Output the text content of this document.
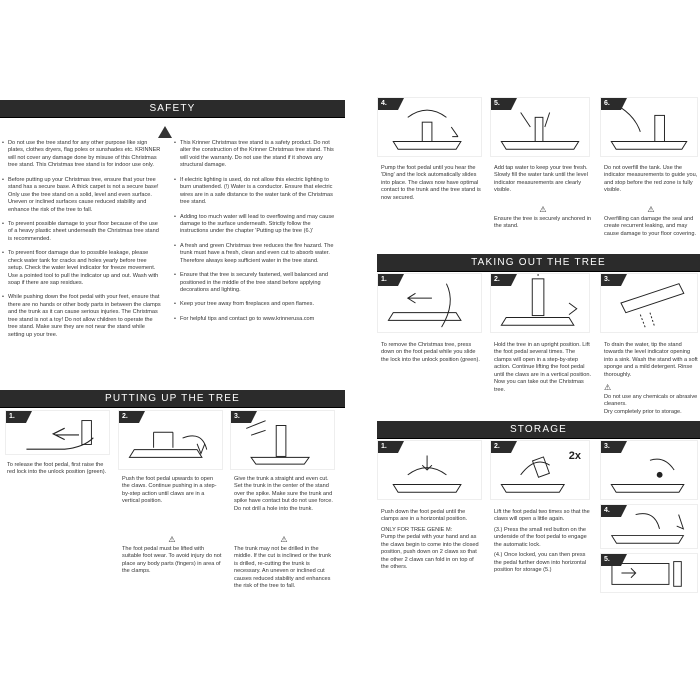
SAFETY

• Do not use the tree stand for any other purpose like sign plates, clothes dryers, flag poles or sunshades etc. KRINNER will not cover any damage done by misuse of this Christmas tree stand. This Christmas tree stand is for indoor use only.

• Before putting up your Christmas tree, ensure that your tree stand has a secure base. A thick carpet is not a secure base! Only use the tree stand on a solid, level and even surface. Uneven or inclined surfaces cause reduced stability and enhance the risk of the tree to fall.

• To prevent possible damage to your floor because of the use of a heavy plastic sheet underneath the Christmas tree stand is recommended.

• To prevent floor damage due to possible leakage, please check water tank for cracks and holes yearly before tree setup. Check the water level indicator for freeze movement. Use a pointed tool to pull the indicator up and out. Wash with soap if there are sap residues.

• While pushing down the foot pedal with your feet, ensure that there are no hands or other body parts in between the clamps and the trunk as it can cause serious injuries. The Christmas tree stand is not a toy! Do not allow children to operate the tree stand. Make sure they are not near the stand while setting up your tree.

• This Krinner Christmas tree stand is a safety product. Do not alter the construction of the Krinner Christmas tree stand. This will void the warranty. Do not use the stand if it shows any structural damage.

• If electric lighting is used, do not allow this electric lighting to burn unattended. (!) Water is a conductor. Ensure that electric wires are in a safe distance to the water tank of the Christmas tree stand.

• Adding too much water will lead to overflowing and may cause damage to the surface underneath. Strictly follow the instructions under the chapter 'Putting up the tree (6.)'

• A fresh and green Christmas tree reduces the fire hazard. The trunk must have a fresh, clean and even cut to absorb water. Therefore always keep sufficient water in the tree stand.

• Ensure that the tree is securely fastened, well balanced and positioned in the middle of the tree stand before applying decorations and lighting.

• Keep your tree away from fireplaces and open flames.

• For helpful tips and contact go to www.krinnerusa.com

PUTTING UP THE TREE
1.
To release the foot pedal, first raise the red lock into the unlock position (green).
2.
Push the foot pedal upwards to open the claws. Continue pushing in a step-by-step action until claws are in a vertical position.
⚠
The foot pedal must be lifted with suitable foot wear. To avoid injury do not place any body parts (fingers) in area of the clamps.
3.
Give the trunk a straight and even cut. Set the trunk in the center of the stand over the spike. Make sure the trunk and spike have contact but do not use force. Do not drill a hole into the trunk.
⚠
The trunk may not be drilled in the middle. If the cut is inclined or the trunk is drilled, re-cutting the trunk is necessary. An uneven or inclined cut causes reduced stability and enhances the risk of the tree to fall.
4.
Pump the foot pedal until you hear the 'Ding' and the lock automatically slides into place. The claws now have optimal contact to the trunk and the tree stand is now secured.
5.
Add tap water to keep your tree fresh. Slowly fill the water tank until the level indicator measurements are clearly visible.
⚠
Ensure the tree is securely anchored in the stand.
6.
Do not overfill the tank. Use the indicator measurements to guide you, and stop before the red zone is fully visible.
⚠
Overfilling can damage the seal and create recurrent leaking, and may cause damage to your floor covering.
TAKING OUT THE TREE
1.
To remove the Christmas tree, press down on the foot pedal while you slide the lock into the unlock position (green).
2.
Hold the tree in an upright position. Lift the foot pedal several times. The clamps will open in a step-by-step action. Continue lifting the foot pedal until the claws are in a vertical position. Now you can take out the Christmas tree.
3.
To drain the water, tip the stand towards the level indicator opening into a sink. Wash the stand with a soft sponge and a mild detergent. Rinse thoroughly.
⚠
Do not use any chemicals or abrasive cleaners.
Dry completely prior to storage.
STORAGE
1.
Push down the foot pedal until the clamps are in a horizontal position.

ONLY FOR TREE GENIE M:
Pump the pedal with your hand and as the claws begin to come into the closed position, push down on 2 claws so that the other 2 claws can fold in on top of the others.
2.
2x
Lift the foot pedal two times so that the claws will open a little again.

(3.) Press the small red button on the underside of the foot pedal to engage the automatic lock.
(4.) Once locked, you can then press the pedal further down into horizontal position for storage (5.)
3.
4.
5.
